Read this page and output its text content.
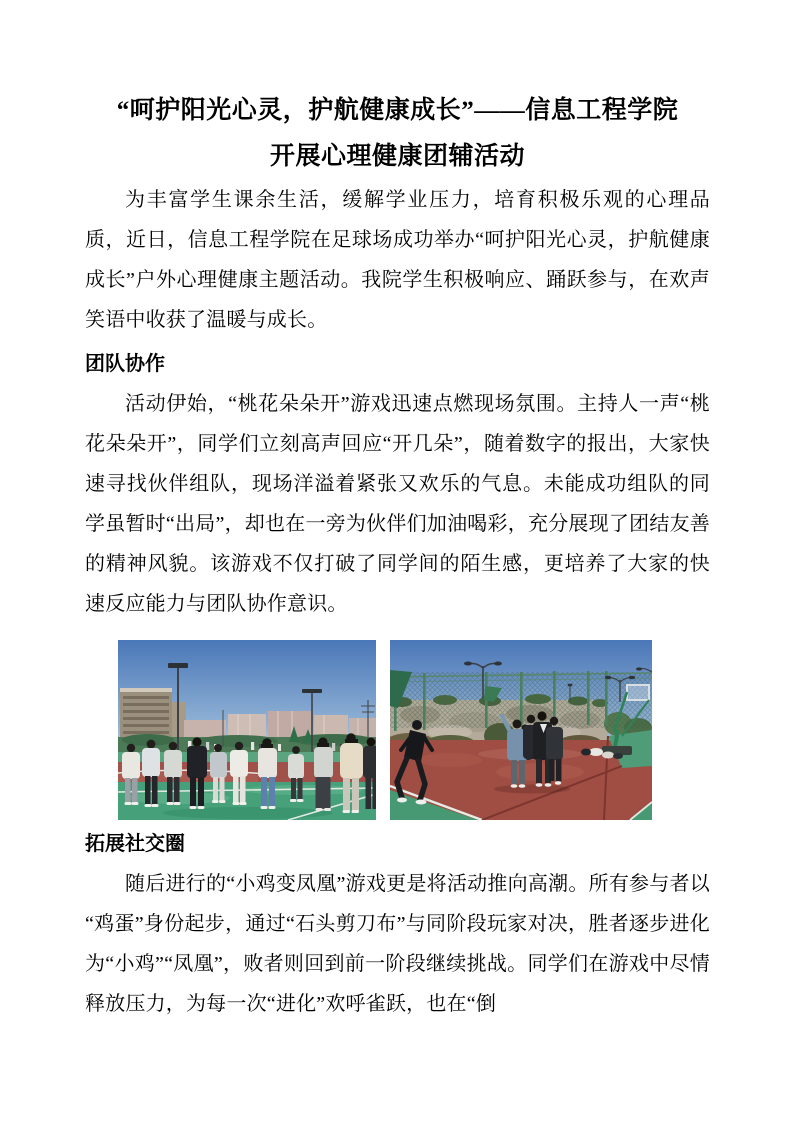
“呵护阳光心灵，护航健康成长”——信息工程学院
开展心理健康团辅活动

为丰富学生课余生活，缓解学业压力，培育积极乐观的心理品质，近日，信息工程学院在足球场成功举办“呵护阳光心灵，护航健康成长”户外心理健康主题活动。我院学生积极响应、踊跃参与，在欢声笑语中收获了温暖与成长。

团队协作

活动伊始，“桃花朵朵开”游戏迅速点燃现场氛围。主持人一声“桃花朵朵开”，同学们立刻高声回应“开几朵”，随着数字的报出，大家快速寻找伙伴组队，现场洋溢着紧张又欢乐的气息。未能成功组队的同学虽暂时“出局”，却也在一旁为伙伴们加油喝彩，充分展现了团结友善的精神风貌。该游戏不仅打破了同学间的陌生感，更培养了大家的快速反应能力与团队协作意识。

拓展社交圈

随后进行的“小鸡变凤凰”游戏更是将活动推向高潮。所有参与者以“鸡蛋”身份起步，通过“石头剪刀布”与同阶段玩家对决，胜者逐步进化为“小鸡”“凤凰”，败者则回到前一阶段继续挑战。同学们在游戏中尽情释放压力，为每一次“进化”欢呼雀跃，也在“倒
